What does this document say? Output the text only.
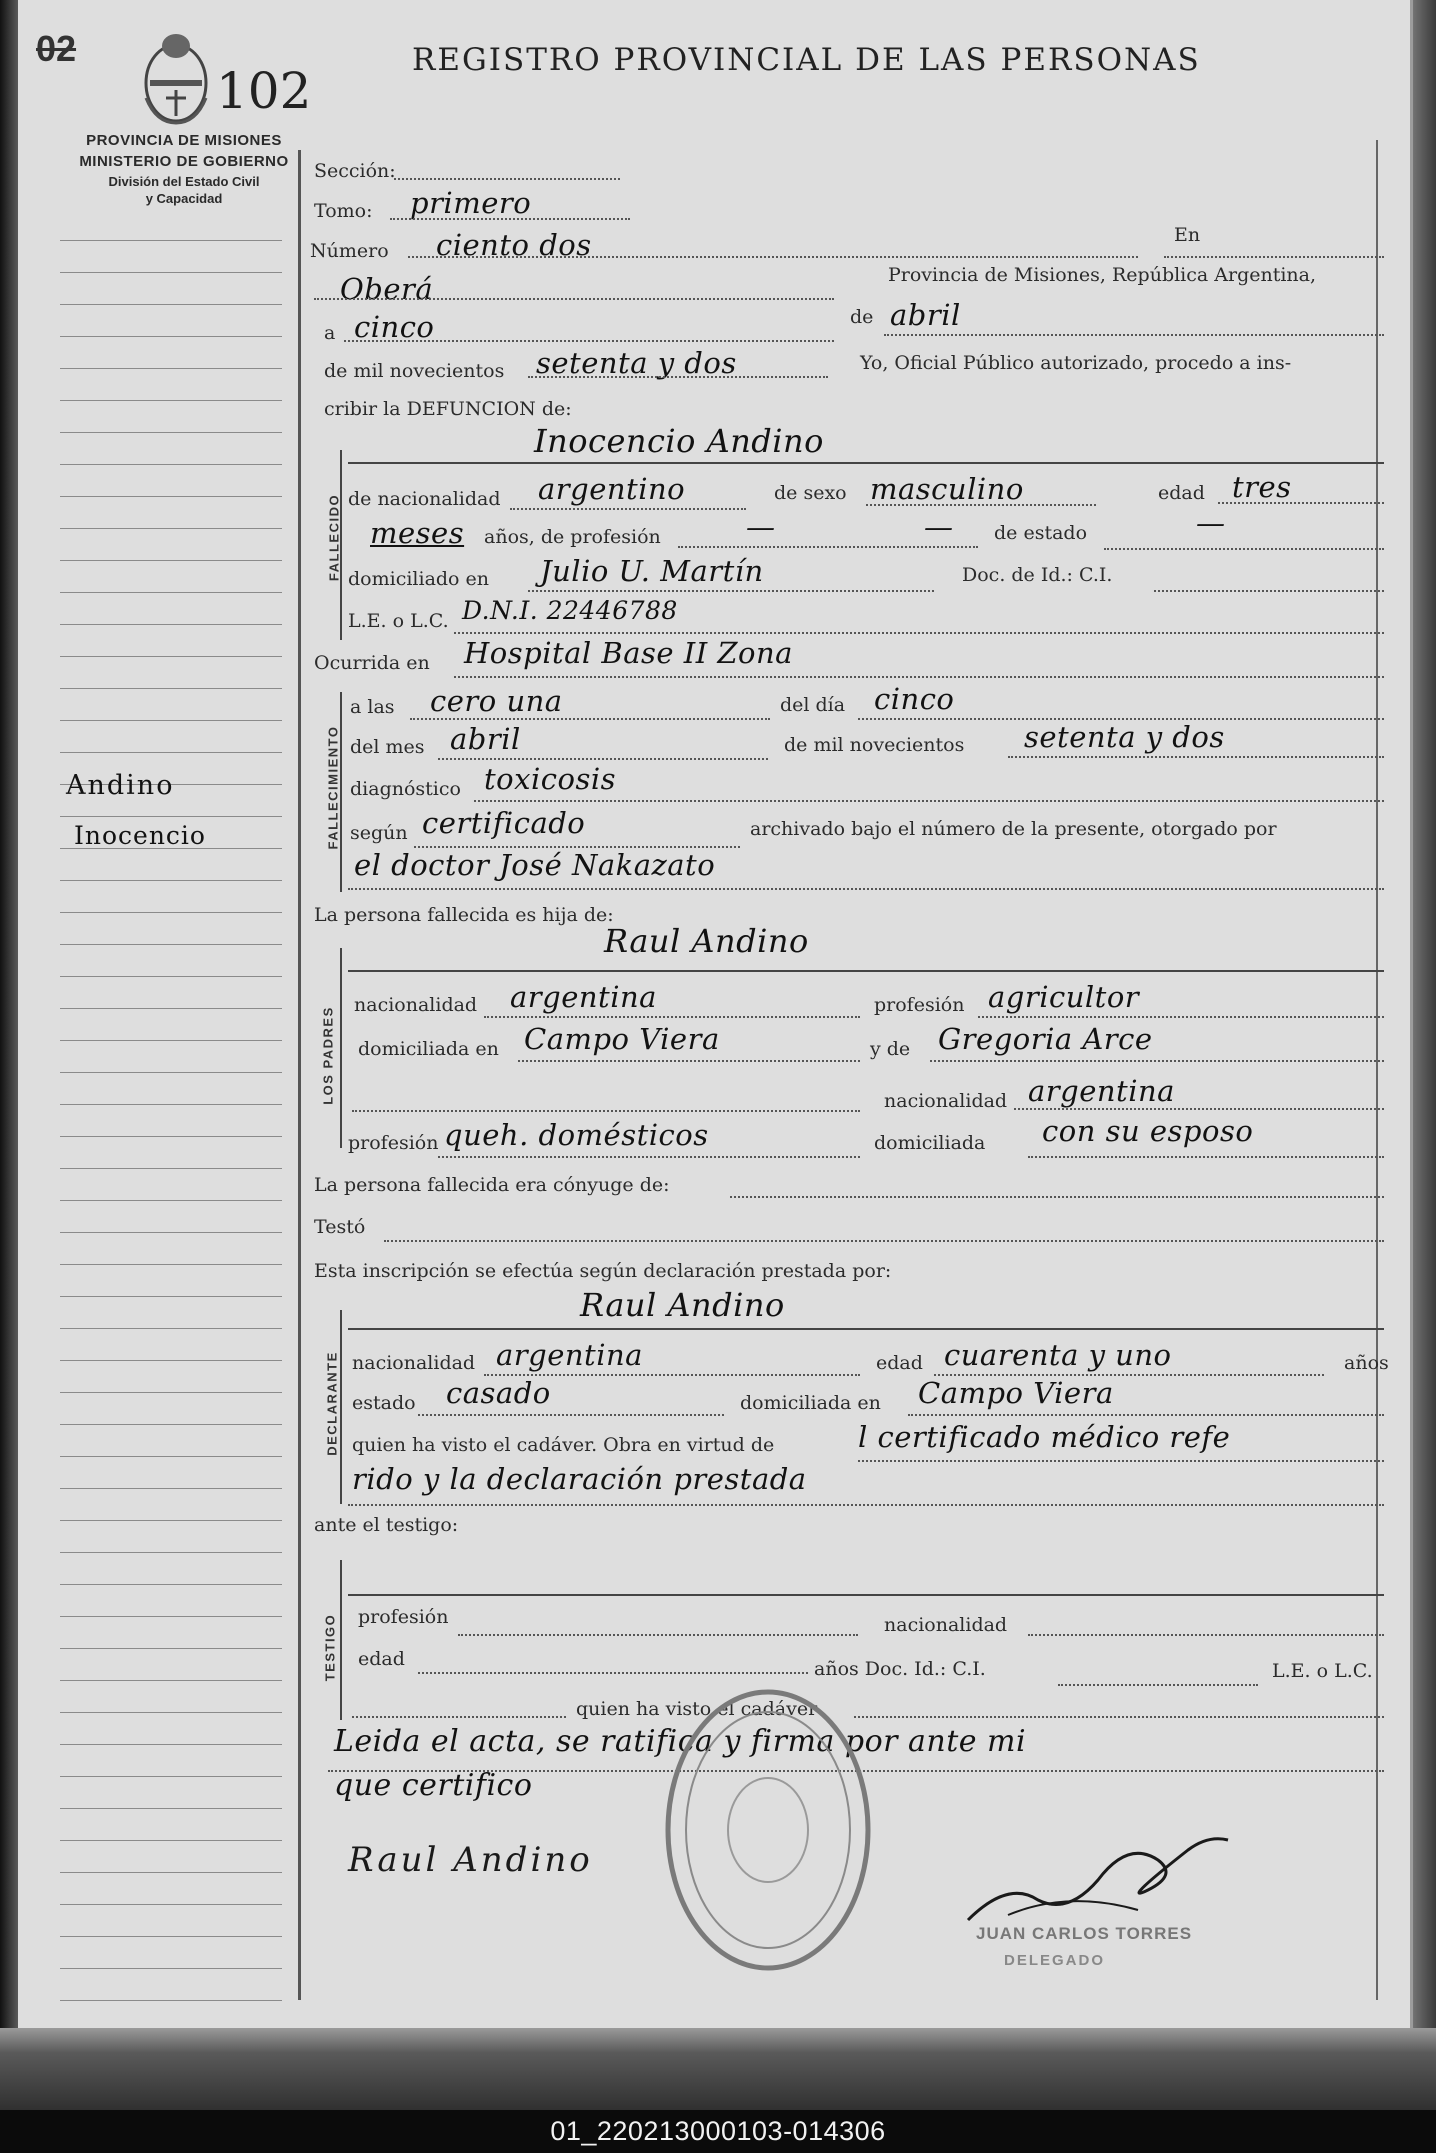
02
102
REGISTRO PROVINCIAL DE LAS PERSONAS
PROVINCIA DE MISIONES
MINISTERIO DE GOBIERNO
División del Estado Civil
y Capacidad
Andino
Inocencio
Sección:
Tomo: primero
Número ciento dos	En
Oberá	Provincia de Misiones, República Argentina,
a cinco	de abril
de mil novecientos setenta y dos	Yo, Oficial Público autorizado, procedo a ins-
cribir la DEFUNCION de:
FALLECIDO
Inocencio Andino
de nacionalidad argentino	de sexo masculino	edad tres
meses años, de profesión	—	— de estado	—
domiciliado en Julio U. Martín	Doc. de Id.: C.I.
L.E. o L.C. D.N.I. 22446788
Ocurrida en Hospital Base II Zona
FALLECIMIENTO
a las cero una	del día cinco
del mes abril	de mil novecientos setenta y dos
diagnóstico toxicosis
según certificado	archivado bajo el número de la presente, otorgado por
el doctor José Nakazato
La persona fallecida es hija de:
LOS PADRES
Raul Andino
nacionalidad argentina	profesión agricultor
domiciliada en Campo Viera	y de Gregoria Arce
nacionalidad argentina
profesión queh. domésticos	domiciliada con su esposo
La persona fallecida era cónyuge de:
Testó
Esta inscripción se efectúa según declaración prestada por:
DECLARANTE
Raul Andino
nacionalidad argentina	edad cuarenta y uno	años
estado casado	domiciliada en Campo Viera
quien ha visto el cadáver. Obra en virtud de	l certificado médico refe
rido y la declaración prestada
ante el testigo:
TESTIGO profesión	nacionalidad
edad	años Doc. Id.: C.I.	L.E. o L.C.
quien ha visto el cadáver
Leida el acta, se ratifica y firma por ante mi
que certifico
Raul Andino
JUAN CARLOS TORRES
DELEGADO
01_220213000103-014306
